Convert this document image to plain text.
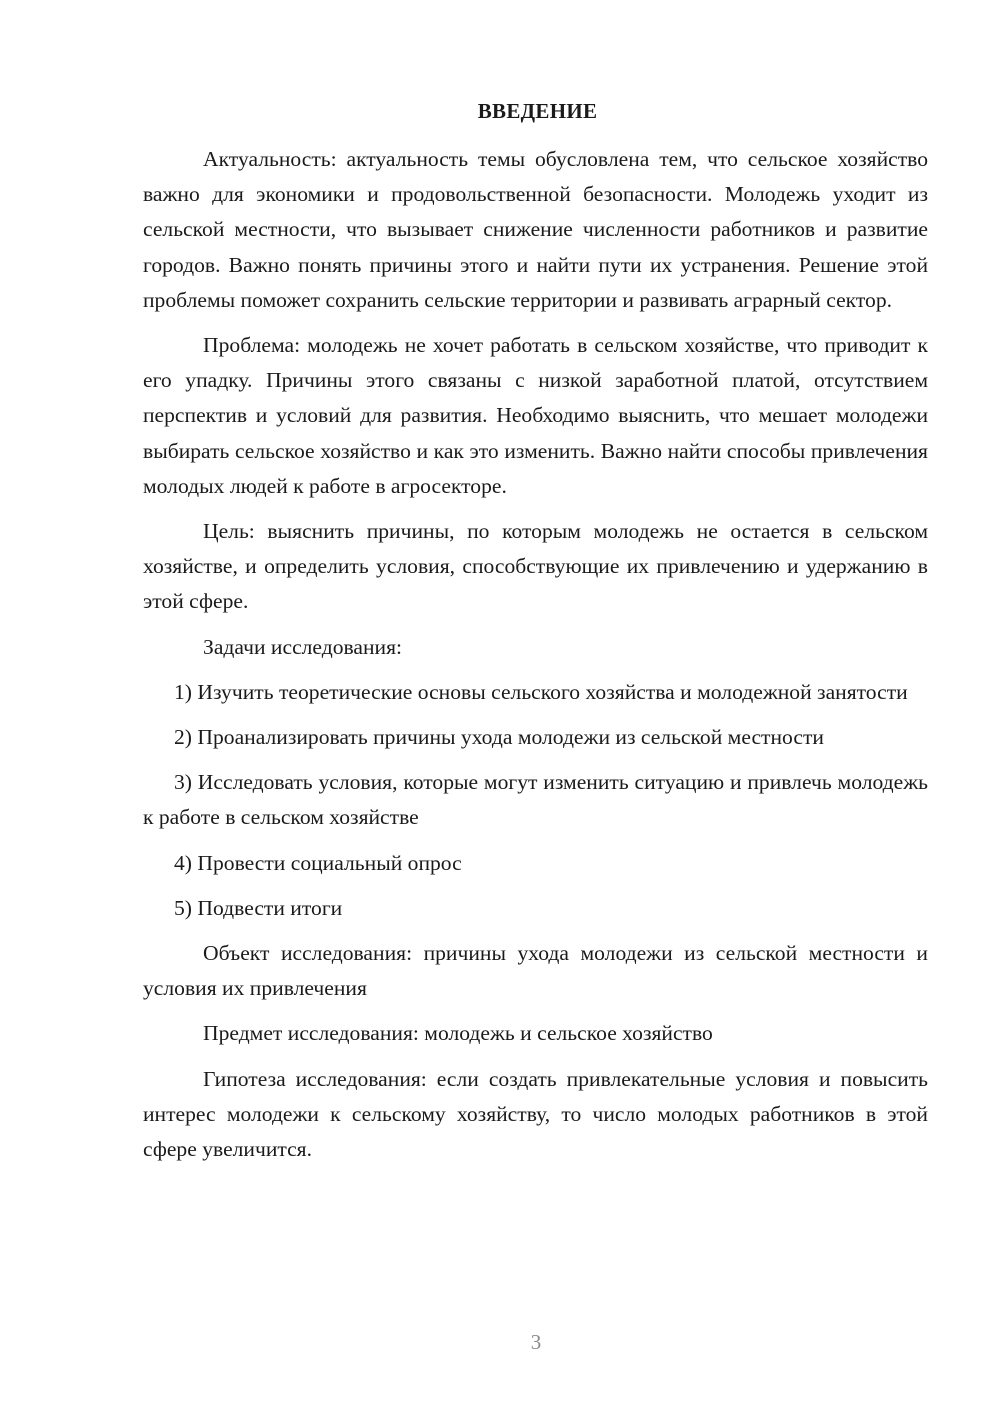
ВВЕДЕНИЕ

Актуальность: актуальность темы обусловлена тем, что сельское хозяйство важно для экономики и продовольственной безопасности. Молодежь уходит из сельской местности, что вызывает снижение численности работников и развитие городов. Важно понять причины этого и найти пути их устранения. Решение этой проблемы поможет сохранить сельские территории и развивать аграрный сектор.

Проблема: молодежь не хочет работать в сельском хозяйстве, что приводит к его упадку. Причины этого связаны с низкой заработной платой, отсутствием перспектив и условий для развития. Необходимо выяснить, что мешает молодежи выбирать сельское хозяйство и как это изменить. Важно найти способы привлечения молодых людей к работе в агросекторе.

Цель: выяснить причины, по которым молодежь не остается в сельском хозяйстве, и определить условия, способствующие их привлечению и удержанию в этой сфере.

Задачи исследования:

1) Изучить теоретические основы сельского хозяйства и молодежной занятости

2) Проанализировать причины ухода молодежи из сельской местности

3) Исследовать условия, которые могут изменить ситуацию и привлечь молодежь к работе в сельском хозяйстве

4) Провести социальный опрос

5) Подвести итоги

Объект исследования: причины ухода молодежи из сельской местности и условия их привлечения

Предмет исследования: молодежь и сельское хозяйство

Гипотеза исследования: если создать привлекательные условия и повысить интерес молодежи к сельскому хозяйству, то число молодых работников в этой сфере увеличится.

3
